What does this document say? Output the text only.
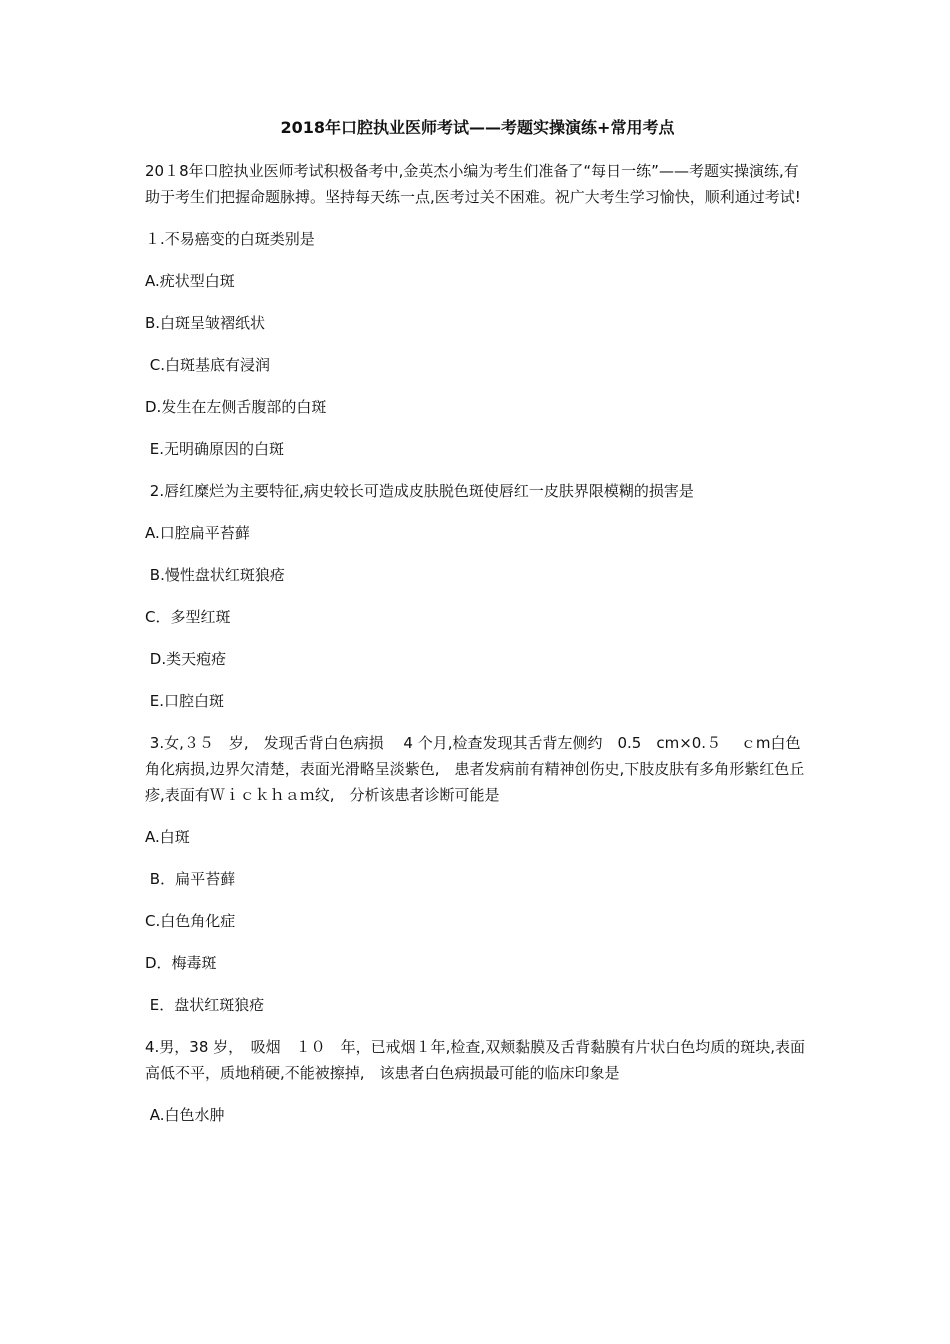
2018年口腔执业医师考试——考题实操演练+常用考点
20１8年口腔执业医师考试积极备考中,金英杰小编为考生们准备了“每日一练”——考题实操演练,有助于考生们把握命题脉搏。坚持每天练一点,医考过关不困难。祝广大考生学习愉快，顺利通过考试!
１.不易癌变的白斑类别是
A.疣状型白斑
B.白斑呈皱褶纸状
C.白斑基底有浸润
D.发生在左侧舌腹部的白斑
E.无明确原因的白斑
2.唇红糜烂为主要特征,病史较长可造成皮肤脱色斑使唇红一皮肤界限模糊的损害是
A.口腔扁平苔藓
B.慢性盘状红斑狼疮
C．多型红斑
D.类天疱疮
E.口腔白斑
3.女,３５　岁,　发现舌背白色病损　 4 个月,检查发现其舌背左侧约　0.5　cm×0.５　 ｃm白色角化病损,边界欠清楚，表面光滑略呈淡紫色,　患者发病前有精神创伤史,下肢皮肤有多角形紫红色丘疹,表面有Ｗｉｃｋｈａｍ纹,　分析该患者诊断可能是
A.白斑
B．扁平苔藓
C.白色角化症
D．梅毒斑
E．盘状红斑狼疮
4.男，38 岁，　吸烟　１０　年，已戒烟１年,检查,双颊黏膜及舌背黏膜有片状白色均质的斑块,表面高低不平，质地稍硬,不能被擦掉,　该患者白色病损最可能的临床印象是
A.白色水肿
